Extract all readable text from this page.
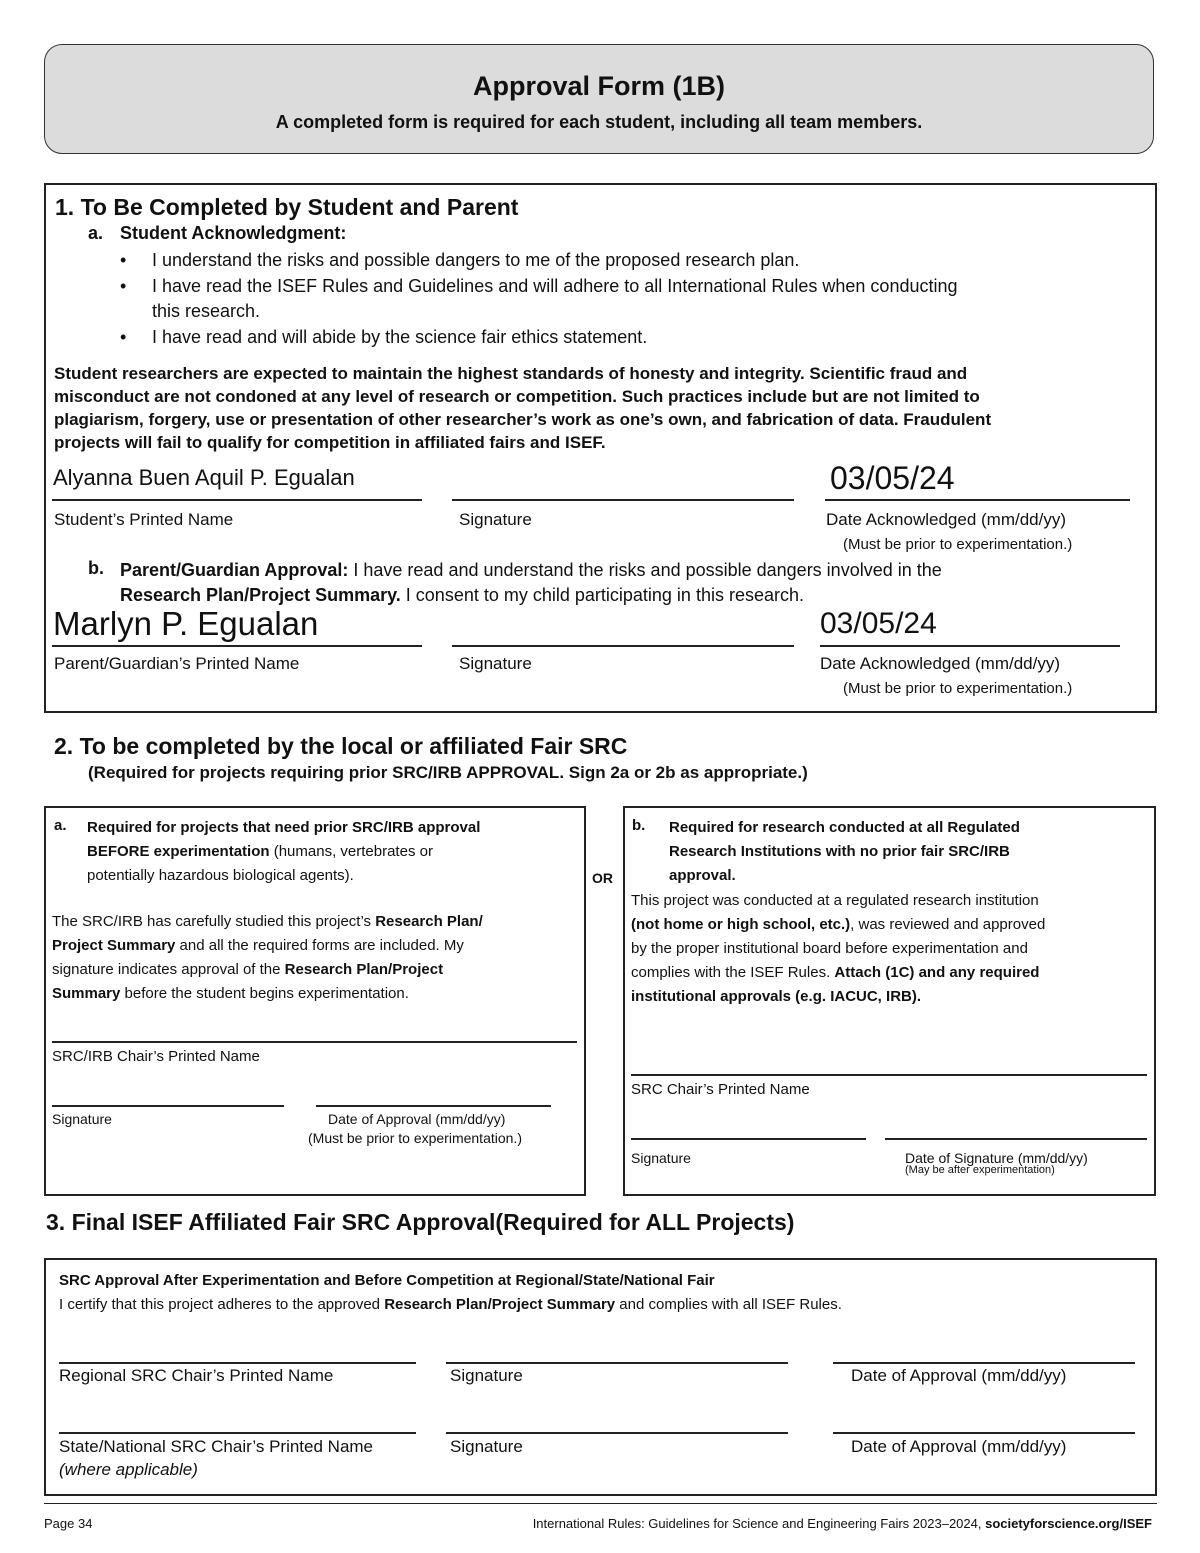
Approval Form (1B)
A completed form is required for each student, including all team members.
1. To Be Completed by Student and Parent
a. Student Acknowledgment:
• I understand the risks and possible dangers to me of the proposed research plan.
• I have read the ISEF Rules and Guidelines and will adhere to all International Rules when conducting
this research.
• I have read and will abide by the science fair ethics statement.
Student researchers are expected to maintain the highest standards of honesty and integrity. Scientific fraud and
misconduct are not condoned at any level of research or competition. Such practices include but are not limited to
plagiarism, forgery, use or presentation of other researcher’s work as one’s own, and fabrication of data. Fraudulent
projects will fail to qualify for competition in affiliated fairs and ISEF.
Alyanna Buen Aquil P. Egualan	03/05/24
Student’s Printed Name	Signature	Date Acknowledged (mm/dd/yy)
(Must be prior to experimentation.)
b. Parent/Guardian Approval: I have read and understand the risks and possible dangers involved in the
Research Plan/Project Summary. I consent to my child participating in this research.
Marlyn P. Egualan	03/05/24
Parent/Guardian’s Printed Name	Signature	Date Acknowledged (mm/dd/yy)
(Must be prior to experimentation.)
2. To be completed by the local or affiliated Fair SRC
(Required for projects requiring prior SRC/IRB APPROVAL. Sign 2a or 2b as appropriate.)
a. Required for projects that need prior SRC/IRB approval
BEFORE experimentation (humans, vertebrates or
potentially hazardous biological agents).
The SRC/IRB has carefully studied this project’s Research Plan/
Project Summary and all the required forms are included. My
signature indicates approval of the Research Plan/Project
Summary before the student begins experimentation.
SRC/IRB Chair’s Printed Name
Signature	Date of Approval (mm/dd/yy)
(Must be prior to experimentation.)
OR
b. Required for research conducted at all Regulated
Research Institutions with no prior fair SRC/IRB
approval.
This project was conducted at a regulated research institution
(not home or high school, etc.), was reviewed and approved
by the proper institutional board before experimentation and
complies with the ISEF Rules. Attach (1C) and any required
institutional approvals (e.g. IACUC, IRB).
SRC Chair’s Printed Name
Signature	Date of Signature (mm/dd/yy)
(May be after experimentation)
3. Final ISEF Affiliated Fair SRC Approval(Required for ALL Projects)
SRC Approval After Experimentation and Before Competition at Regional/State/National Fair
I certify that this project adheres to the approved Research Plan/Project Summary and complies with all ISEF Rules.
Regional SRC Chair’s Printed Name	Signature	Date of Approval (mm/dd/yy)
State/National SRC Chair’s Printed Name
(where applicable)
Signature	Date of Approval (mm/dd/yy)
Page 34	International Rules: Guidelines for Science and Engineering Fairs 2023–2024, societyforscience.org/ISEF
